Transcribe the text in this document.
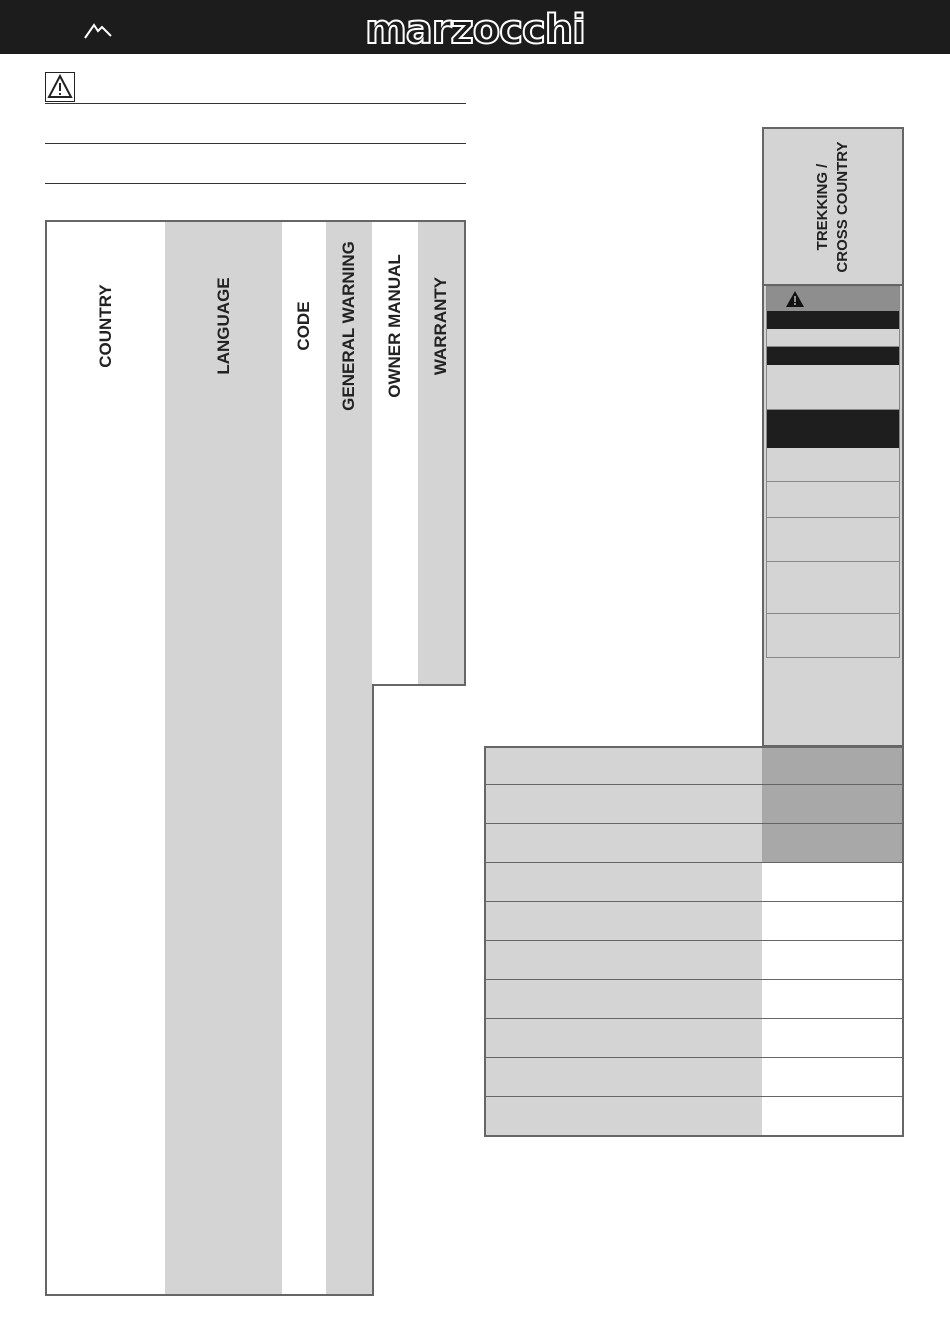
marzocchi
COUNTRY	LANGUAGE	CODE GENERAL WARNING OWNER MANUAL WARRANTY
TREKKING / CROSS COUNTRY
